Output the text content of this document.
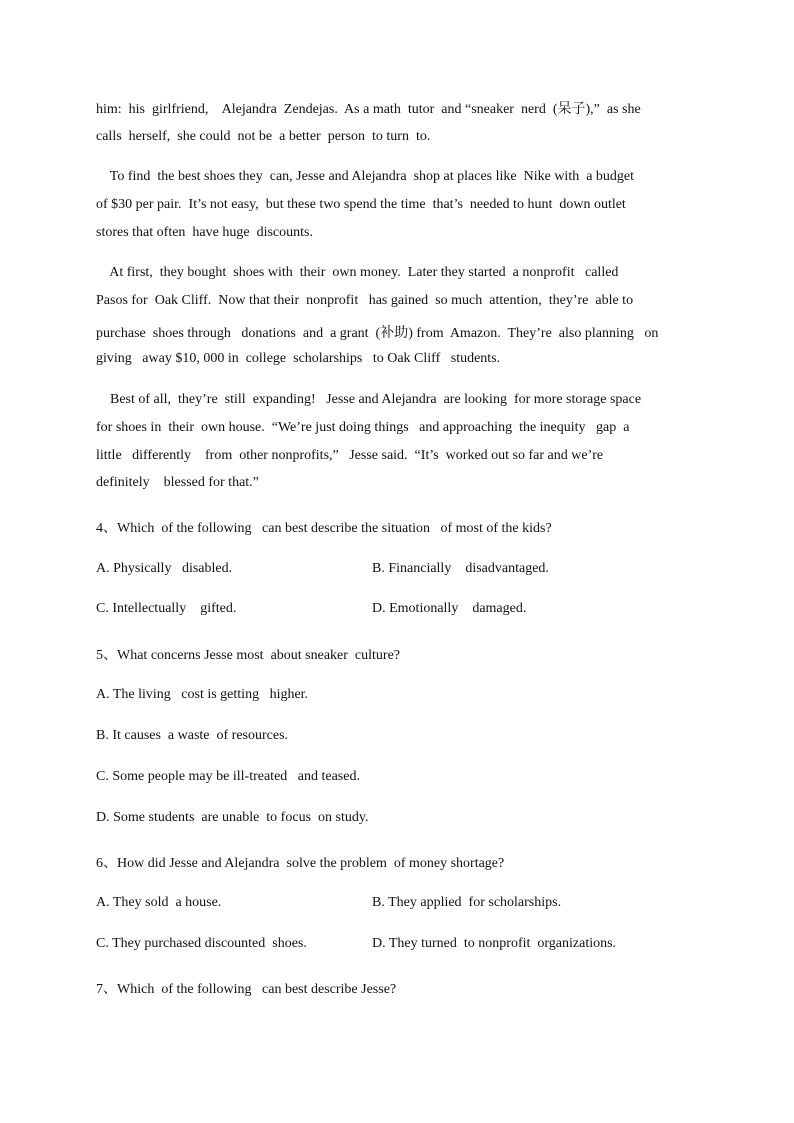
him:  his  girlfriend,    Alejandra  Zendejas.  As a math  tutor  and “sneaker  nerd  (呆子),”  as she
calls  herself,  she could  not be  a better  person  to turn  to.
To find  the best shoes they  can, Jesse and Alejandra  shop at places like  Nike with  a budget
of $30 per pair.  It’s not easy,  but these two spend the time  that’s  needed to hunt  down outlet
stores that often  have huge  discounts.
At first,  they bought  shoes with  their  own money.  Later they started  a nonprofit   called
Pasos for  Oak Cliff.  Now that their  nonprofit   has gained  so much  attention,  they’re  able to
purchase  shoes through   donations  and  a grant  (补助) from  Amazon.  They’re  also planning   on
giving   away $10, 000 in  college  scholarships   to Oak Cliff   students.
Best of all,  they’re  still  expanding!   Jesse and Alejandra  are looking  for more storage space
for shoes in  their  own house.  “We’re just doing things   and approaching  the inequity   gap  a
little   differently    from  other nonprofits,”   Jesse said.  “It’s  worked out so far and we’re
definitely    blessed for that.”
4、Which  of the following   can best describe the situation   of most of the kids?
A. Physically   disabled.	B. Financially    disadvantaged.
C. Intellectually    gifted.	D. Emotionally    damaged.
5、What concerns Jesse most  about sneaker  culture?
A. The living   cost is getting   higher.
B. It causes  a waste  of resources.
C. Some people may be ill-treated   and teased.
D. Some students  are unable  to focus  on study.
6、How did Jesse and Alejandra  solve the problem  of money shortage?
A. They sold  a house.	B. They applied  for scholarships.
C. They purchased discounted  shoes.	D. They turned  to nonprofit  organizations.
7、Which  of the following   can best describe Jesse?
